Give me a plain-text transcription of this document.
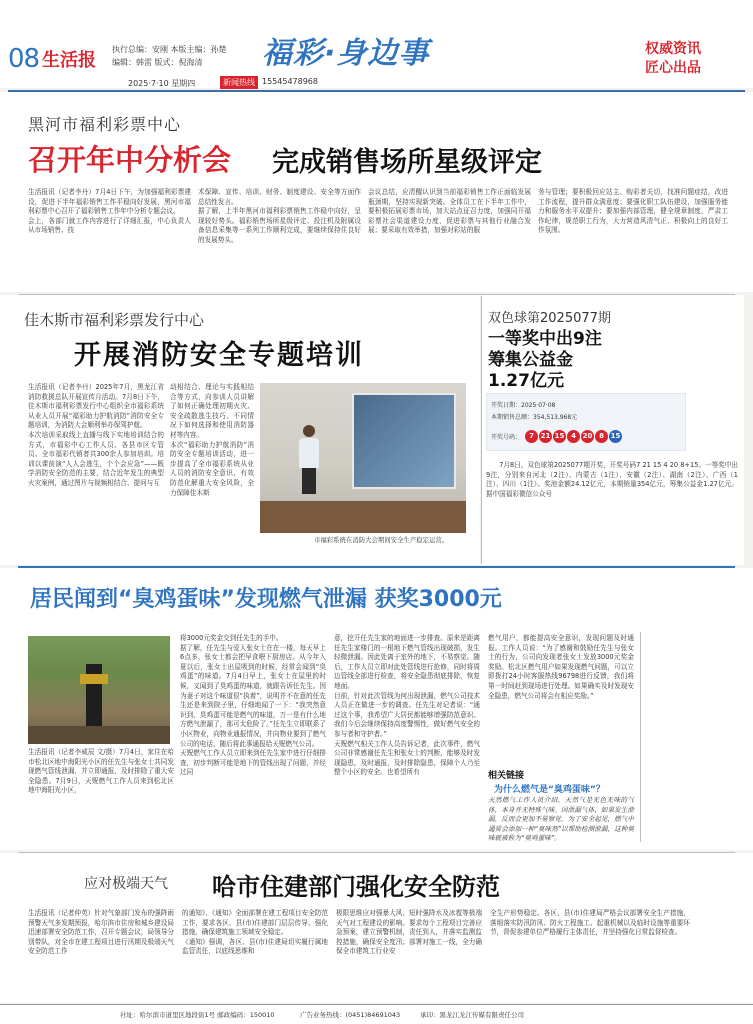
08 生活报
执行总编：安刚 本版主编：孙楚
编辑：韩雷 版式：倪海清 福彩·身边事	权威资讯
匠心出品
2025·7·10 星期四	新闻热线 15545478968
黑河市福利彩票中心
召开年中分析会 完成销售场所星级评定
生活报讯（记者李丹）7月4日下午，为加强福利彩票建设，促进下半年福彩销售工作平稳向好发展，黑河市福利彩票中心召开了福彩销售工作年中分析专题会议。
会上，各部门就工作内容进行了详细汇报，中心负责人从市场销售、技
术保障、宣传、培训、财务、制度建设、安全等方面作总结性发言。
据了解，上半年黑河市福利彩票销售工作稳中向好，呈现较好势头。福彩销售场所星级评定、投注机及附属设备信息采集等一系列工作顺利完成，要继续保持住良好的发展势头。
会议总结，应清醒认识到当前福彩销售工作正面临发展瓶颈期，坚持实现新突破。全体员工在下半年工作中，要积极拓展彩票市场，加大站点征召力度，加强同开福彩票社会渠道建设力度，促进彩票与其他行业融合发展；要采取有效举措，加强对彩站的服
务与管理；要积极回应站主、购彩者关切，找准问题症结，改进工作流程，提升群众满意度；要强化职工队伍建设，加强服务能力和服务水平双提升；要加强内部管理，健全规章制度，严肃工作纪律，规范职工行为，大力营造风清气正、积极向上的良好工作氛围。
佳木斯市福利彩票发行中心
开展消防安全专题培训
生活报讯（记者李丹）2025年7月，黑龙江省消防救援总队开展宣传月活动。7月8日下午，佳木斯市福利彩票发行中心组织全市福彩系统从业人员开展“福彩助力护航消防”消防安全专题培训，为消防大会顺利举办保驾护航。
本次培训采取线上直播与线下实地培训结合的方式，市福彩中心工作人员、各县市区专管员、全市福彩代销者共300余人参加培训。培训以课前演“人人会逃生，个个会应急”——既学消防安全防范的主要，结合近年发生的典型火灾案例，通过图片与视频相结合、提问与互
动相结合、理论与实践相结合等方式，向参训人员讲解了如何正确处理初期火灾、安全疏散逃生技巧、不同情况下如何选择和使用消防器材等内容。
本次“福彩助力护航消防”消防安全专题培训活动，进一步提高了全市福彩系统从业人员的消防安全意识，有效防范化解重大安全风险，全力保障佳木斯
市福彩系统在消防大会期间安全生产稳定运营。
双色球第2025077期
一等奖中出9注
筹集公益金
1.27亿元
开奖日期：2025·07·08
本期销售总额：354,513,968元
开奖号码：	7 21 15 4 20 8 15
7月8日，双色球第2025077期开奖，开奖号码7 21 15 4 20 8+15。一等奖中出9注，分别来自河北（2注）、内蒙古（1注）、安徽（2注）、湖南（2注）、广西（1注）、四川（1注）。奖池金额24.12亿元，本期销量354亿元，筹集公益金1.27亿元。  据中国福彩微信公众号
居民闻到“臭鸡蛋味”发现燃气泄漏 获奖3000元
生活报讯（记者李威辰 文/摄）7月4日，家住在哈市松北区地中海阳光小区的任先生与张女士共同发现燃气管线泄漏，并立即通报，及时排除了重大安全隐患。7月9日，天贶燃气工作人员来到松北区地中海阳光小区，
将3000元奖金交到任先生的手中。
据了解，任先生与爱人张女士在在一楼，每天早上6点多，张女士都会把早食喂下厨房店。从今年入夏以后，张女士出屋吸到的时候，经常会闻到“臭鸡蛋”的味道。7月4日早上，张女士在屋里的时候，又闻到了臭鸡蛋的味道，就跟告诉任先生。因为妻子对这个味道很“执着”，说明并不在意的任先生还是来到院子里，仔细地闻了一下：“我突然意识到，臭鸡蛋可能是燃气的味道，万一是有什么地方燃气泄漏了，那可太危险了。”任先生立即联系了小区物业，向物业通报情况，并向物业要到了燃气公司的电话，随后将此事通报给天贶燃气公司。
天贶燃气工作人员立即来到任先生家中进行仔细排查，初步判断可能是地下的管线出现了问题，并经过同
意，挖开任先生家的地面进一步排查。原来是距离任先生家楼门的一根地下燃气管线出现破损，发生轻微泄漏。因此处离于室外的地下，不易察觉。随后，工作人员立即对此处管线进行抢修，同时将周边管线全部进行检查，将安全隐患彻底排除，恢复地面。
目前，针对此次管线为何出现泄漏，燃气公司技术人员正在做进一步的调查。任先生对记者说：“通过这个事，我希望广大居民都能够增强防范意识。我们今后会继续保持高度警惕性，做好燃气安全的参与者和守护者。”
天贶燃气相关工作人员告诉记者，此次事件，燃气公司非常感谢任先生和张女士的判断，能够及时发现隐患，及时通报，及时排除隐患，保障个人乃至整个小区的安全。也希望所有
燃气用户，都能提高安全意识，发现问题及时通报。工作人员说：“为了感谢和鼓励任先生与张女士的行为，公司向发现者张女士发放3000元奖金奖励。松北区燃气用户如果发现燃气问题，可以立即拨打24小时客服热线96798进行反馈，我们将第一时间赶到现场进行处理。如果确实及时发现安全隐患，燃气公司将会有相应奖励。”
相关链接
为什么燃气是“臭鸡蛋味”？
天然燃气工作人员介绍，天然气是无色无味的气体，本身并无特殊气味。因泄漏气体，如果发生泄漏，反而会更加不易察觉。为了安全起见，燃气中通常会添加一种“臭味剂”以帮助检测泄漏，这种臭味就被称为“臭鸡蛋味”。
应对极端天气 哈市住建部门强化安全防范
生活报讯（记者仲英）针对气象部门发布的强降雨预警天气多发期预报，哈尔滨市住房和城乡建设局迅速部署安全防范工作，召开专题会议，局领导分别带队，对全市在建工程项目进行汛期及极端天气安全防范工作
的通知》、《通知》全面部署在建工程项目安全防范工作，要求各区、县(市)住建部门层层传导、强化措施，确保建筑施工领域安全稳定。
《通知》强调，各区、县(市)住建局切实履行属地监管责任，以底线思维和
极限思维应对强暴大风、短时强降水及冰雹等极端天气对工程建设的影响。要求每个工程项目完善应急预案，建立预警机制，责任到人，并落实监测监控措施，确保安全度汛；部署对施工一线，全力确保全市建筑工行业安
全生产形势稳定。各区、县(市)住建局严格会议部署安全生产措施，落细落实防汛防风、防火工程施工、起重机械以及临时设施等重要环节，督促参建单位严格履行主体责任，并坚持强化日常监督检查。
社址：哈尔滨市道里区地段街1号 邮政编码：150010	广告业务热线：(0451)84691043	承印：黑龙江龙江传媒有限责任公司
